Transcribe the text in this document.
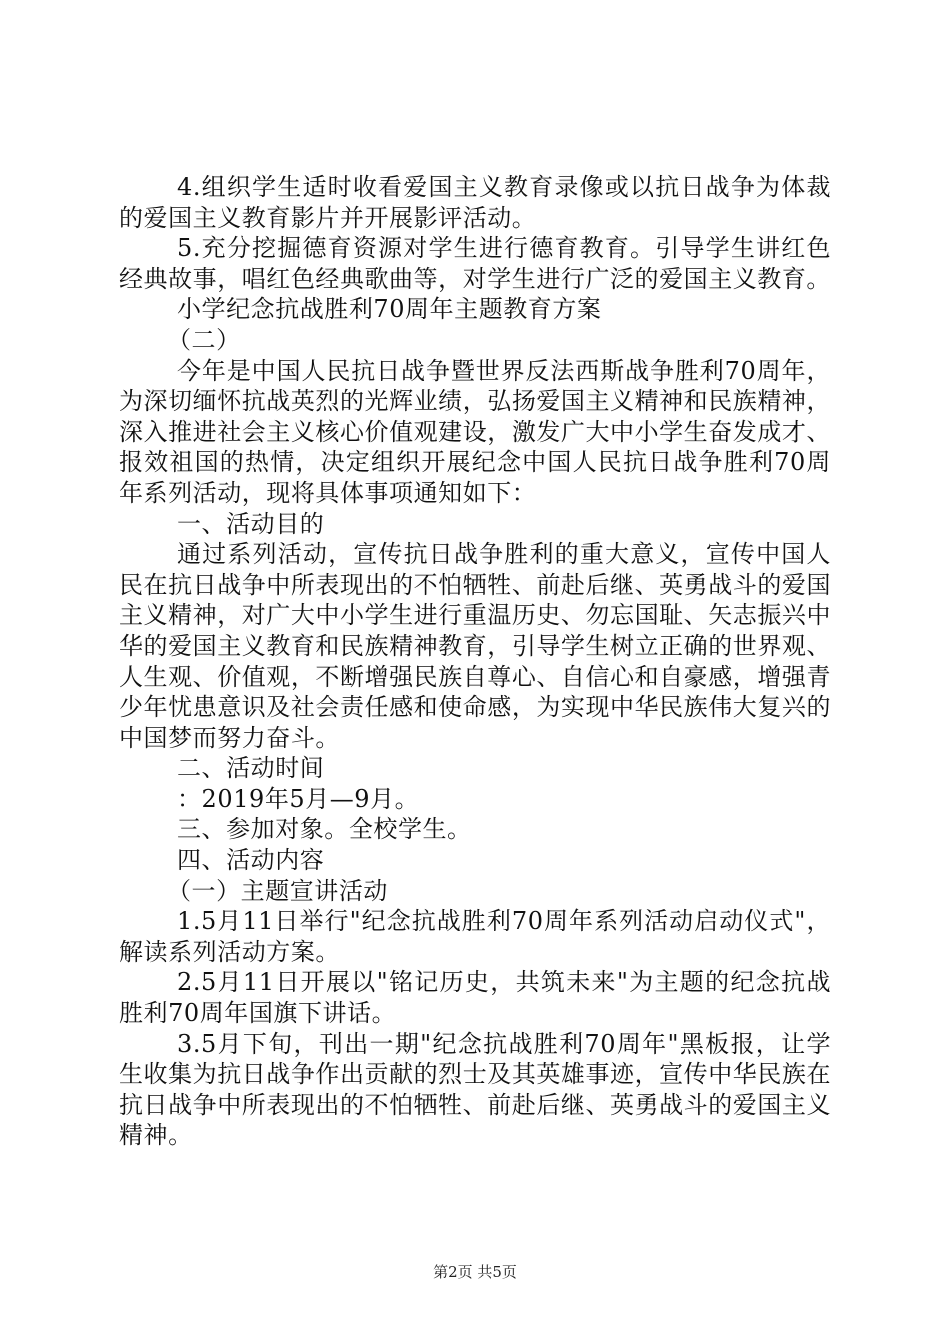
4.组织学生适时收看爱国主义教育录像或以抗日战争为体裁的爱国主义教育影片并开展影评活动。

5.充分挖掘德育资源对学生进行德育教育。引导学生讲红色经典故事，唱红色经典歌曲等，对学生进行广泛的爱国主义教育。

小学纪念抗战胜利70周年主题教育方案

（二）

今年是中国人民抗日战争暨世界反法西斯战争胜利70周年，为深切缅怀抗战英烈的光辉业绩，弘扬爱国主义精神和民族精神，深入推进社会主义核心价值观建设，激发广大中小学生奋发成才、报效祖国的热情，决定组织开展纪念中国人民抗日战争胜利70周年系列活动，现将具体事项通知如下：

一、活动目的

通过系列活动，宣传抗日战争胜利的重大意义，宣传中国人民在抗日战争中所表现出的不怕牺牲、前赴后继、英勇战斗的爱国主义精神，对广大中小学生进行重温历史、勿忘国耻、矢志振兴中华的爱国主义教育和民族精神教育，引导学生树立正确的世界观、人生观、价值观，不断增强民族自尊心、自信心和自豪感，增强青少年忧患意识及社会责任感和使命感，为实现中华民族伟大复兴的中国梦而努力奋斗。

二、活动时间

：2019年5月—9月。

三、参加对象。全校学生。

四、活动内容

（一）主题宣讲活动

1.5月11日举行"纪念抗战胜利70周年系列活动启动仪式"，解读系列活动方案。

2.5月11日开展以"铭记历史，共筑未来"为主题的纪念抗战胜利70周年国旗下讲话。

3.5月下旬，刊出一期"纪念抗战胜利70周年"黑板报，让学生收集为抗日战争作出贡献的烈士及其英雄事迹，宣传中华民族在抗日战争中所表现出的不怕牺牲、前赴后继、英勇战斗的爱国主义精神。

第2页 共5页
